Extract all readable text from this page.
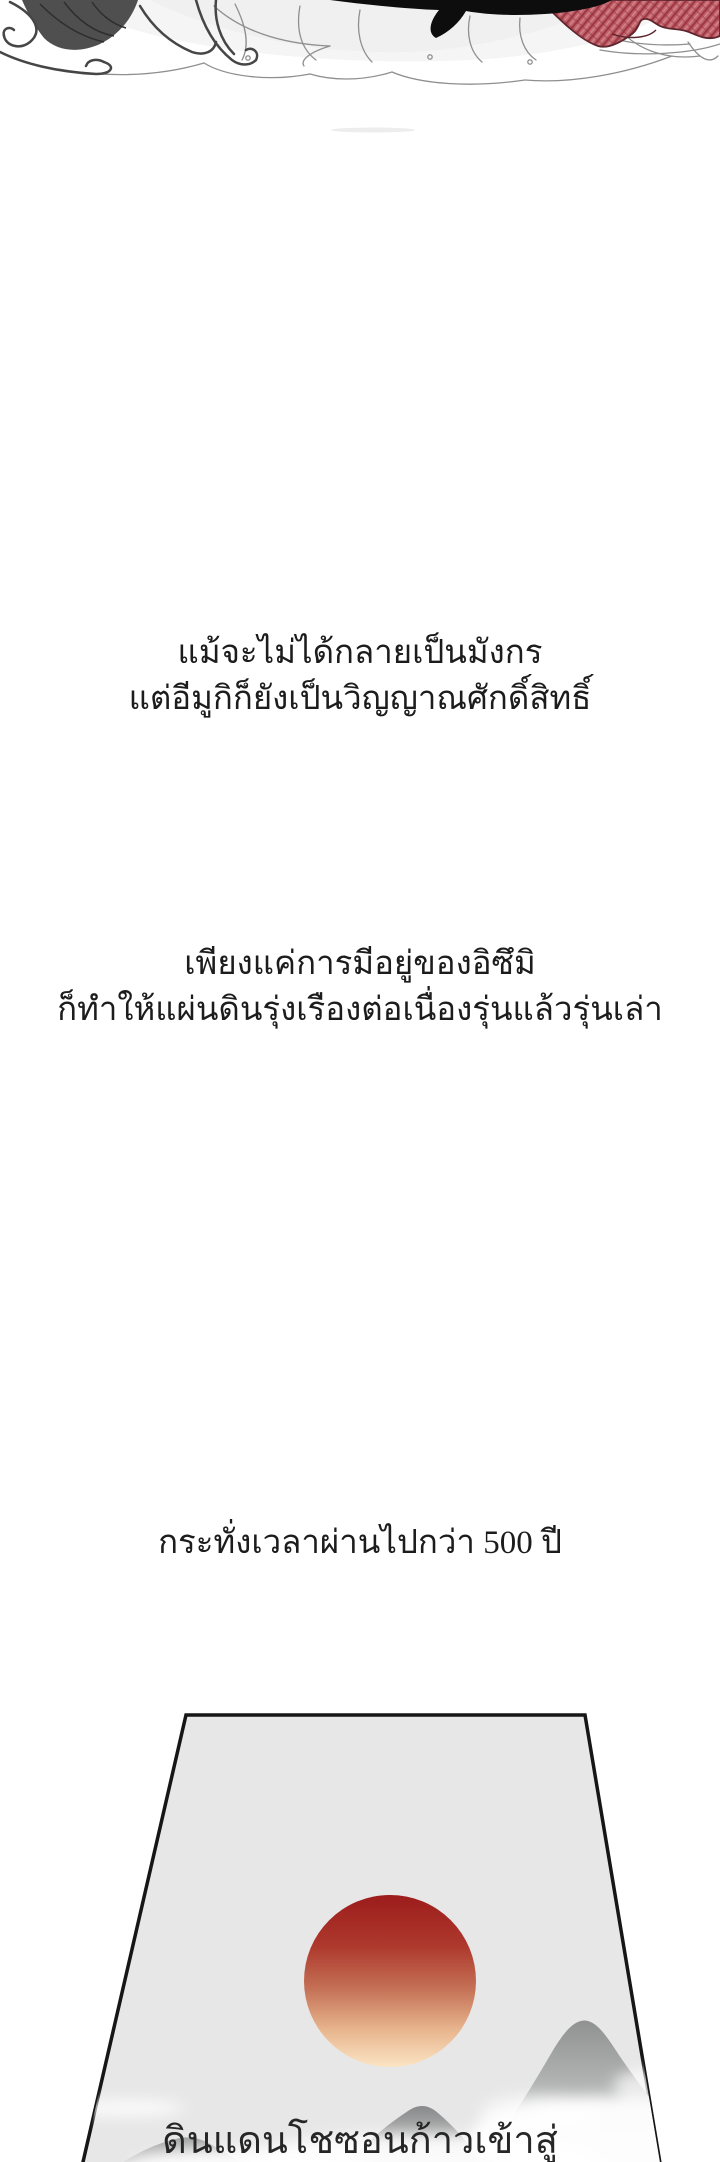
แม้จะไม่ได้กลายเป็นมังกร
แต่อีมูกิก็ยังเป็นวิญญาณศักดิ์สิทธิ์
เพียงแค่การมีอยู่ของอิซึมิ
ก็ทำให้แผ่นดินรุ่งเรืองต่อเนื่องรุ่นแล้วรุ่นเล่า
กระทั่งเวลาผ่านไปกว่า 500 ปี
ดินแดนโชซอนก้าวเข้าสู่
